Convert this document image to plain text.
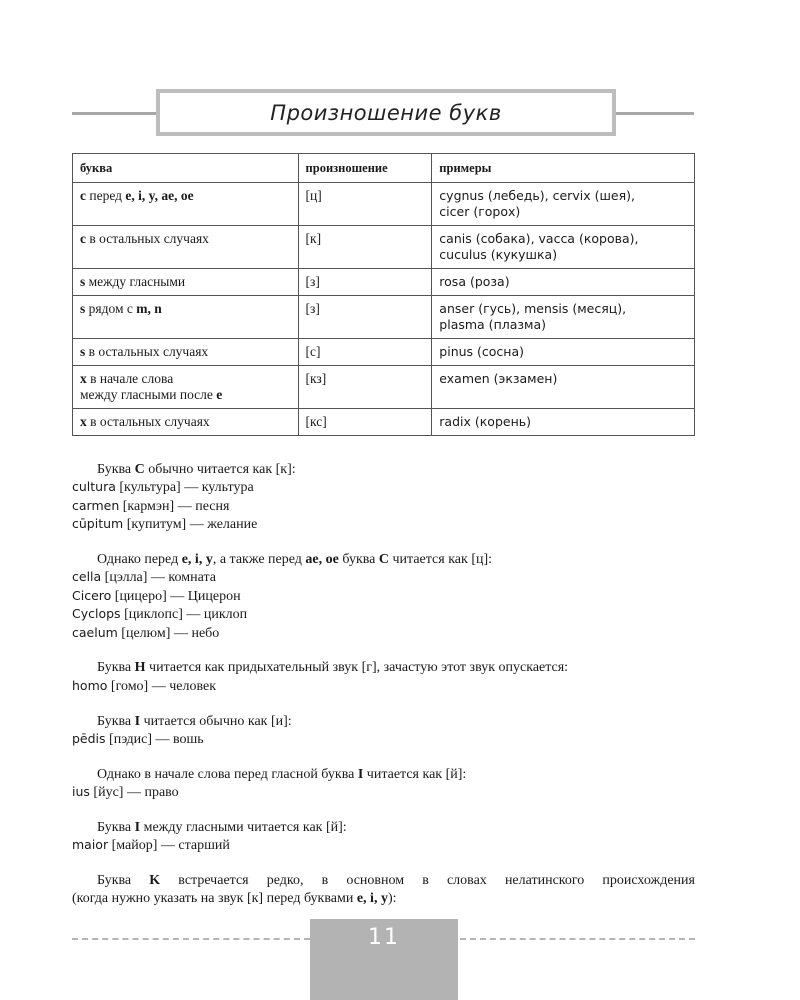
Произношение букв
буква	произношение	примеры
c перед e, i, y, ae, oe	[ц]	cygnus (лебедь), cervix (шея),
cicer (горох)

c в остальных случаях	[к]	canis (собака), vacca (корова),
cuculus (кукушка)

s между гласными	[з]	rosa (роза)
s рядом с m, n	[з]	anser (гусь), mensis (месяц),
plasma (плазма)

s в остальных случаях	[с]	pinus (сосна)

x в начале слова
между гласными после e	[кз]	examen (экзамен)
x в остальных случаях	[кс]	radix (корень)
Буква C обычно читается как [к]:
cultura [культура] — культура
carmen [кармэн] — песня
cūpitum [купитум] — желание
Однако перед e, i, y, а также перед ae, oe буква C читается как [ц]:
cella [цэлла] — комната
Cicero [цицеро] — Цицерон
Cyclops [циклопс] — циклоп
caelum [целюм] — небо
Буква H читается как придыхательный звук [г], зачастую этот звук опускается:
homo [гомо] — человек
Буква I читается обычно как [и]:
pēdis [пэдис] — вошь
Однако в начале слова перед гласной буква I читается как [й]:
ius [йус] — право
Буква I между гласными читается как [й]:
maior [майор] — старший
Буква K встречается редко, в основном в словах нелатинского происхождения
(когда нужно указать на звук [к] перед буквами e, i, y):
11
